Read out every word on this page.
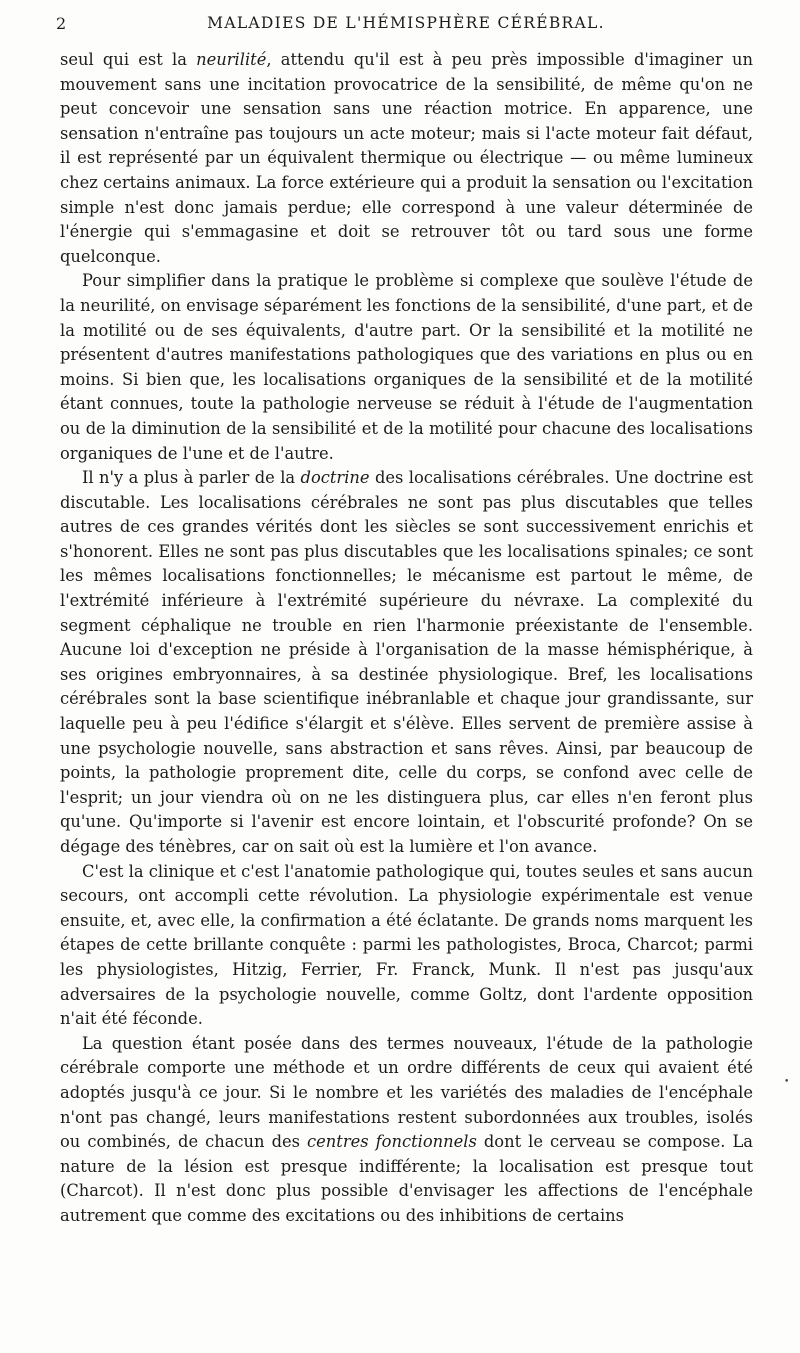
2	MALADIES DE L'HÉMISPHÈRE CÉRÉBRAL.

seul qui est la neurilité, attendu qu'il est à peu près impossible d'imaginer un mouvement sans une incitation provocatrice de la sensibilité, de même qu'on ne peut concevoir une sensation sans une réaction motrice. En apparence, une sensation n'entraîne pas toujours un acte moteur; mais si l'acte moteur fait défaut, il est représenté par un équivalent thermique ou électrique — ou même lumineux chez certains animaux. La force extérieure qui a produit la sensation ou l'excitation simple n'est donc jamais perdue; elle correspond à une valeur déterminée de l'énergie qui s'emmagasine et doit se retrouver tôt ou tard sous une forme quelconque.

Pour simplifier dans la pratique le problème si complexe que soulève l'étude de la neurilité, on envisage séparément les fonctions de la sensibilité, d'une part, et de la motilité ou de ses équivalents, d'autre part. Or la sensibilité et la motilité ne présentent d'autres manifestations pathologiques que des variations en plus ou en moins. Si bien que, les localisations organiques de la sensibilité et de la motilité étant connues, toute la pathologie nerveuse se réduit à l'étude de l'augmentation ou de la diminution de la sensibilité et de la motilité pour chacune des localisations organiques de l'une et de l'autre.

Il n'y a plus à parler de la doctrine des localisations cérébrales. Une doctrine est discutable. Les localisations cérébrales ne sont pas plus discutables que telles autres de ces grandes vérités dont les siècles se sont successivement enrichis et s'honorent. Elles ne sont pas plus discutables que les localisations spinales; ce sont les mêmes localisations fonctionnelles; le mécanisme est partout le même, de l'extrémité inférieure à l'extrémité supérieure du névraxe. La complexité du segment céphalique ne trouble en rien l'harmonie préexistante de l'ensemble. Aucune loi d'exception ne préside à l'organisation de la masse hémisphérique, à ses origines embryonnaires, à sa destinée physiologique. Bref, les localisations cérébrales sont la base scientifique inébranlable et chaque jour grandissante, sur laquelle peu à peu l'édifice s'élargit et s'élève. Elles servent de première assise à une psychologie nouvelle, sans abstraction et sans rêves. Ainsi, par beaucoup de points, la pathologie proprement dite, celle du corps, se confond avec celle de l'esprit; un jour viendra où on ne les distinguera plus, car elles n'en feront plus qu'une. Qu'importe si l'avenir est encore lointain, et l'obscurité profonde? On se dégage des ténèbres, car on sait où est la lumière et l'on avance.

C'est la clinique et c'est l'anatomie pathologique qui, toutes seules et sans aucun secours, ont accompli cette révolution. La physiologie expérimentale est venue ensuite, et, avec elle, la confirmation a été éclatante. De grands noms marquent les étapes de cette brillante conquête : parmi les pathologistes, Broca, Charcot; parmi les physiologistes, Hitzig, Ferrier, Fr. Franck, Munk. Il n'est pas jusqu'aux adversaires de la psychologie nouvelle, comme Goltz, dont l'ardente opposition n'ait été féconde.

La question étant posée dans des termes nouveaux, l'étude de la pathologie cérébrale comporte une méthode et un ordre différents de ceux qui avaient été adoptés jusqu'à ce jour. Si le nombre et les variétés des maladies de l'encéphale n'ont pas changé, leurs manifestations restent subordonnées aux troubles, isolés ou combinés, de chacun des centres fonctionnels dont le cerveau se compose. La nature de la lésion est presque indifférente; la localisation est presque tout (Charcot). Il n'est donc plus possible d'envisager les affections de l'encéphale autrement que comme des excitations ou des inhibitions de certains

•
